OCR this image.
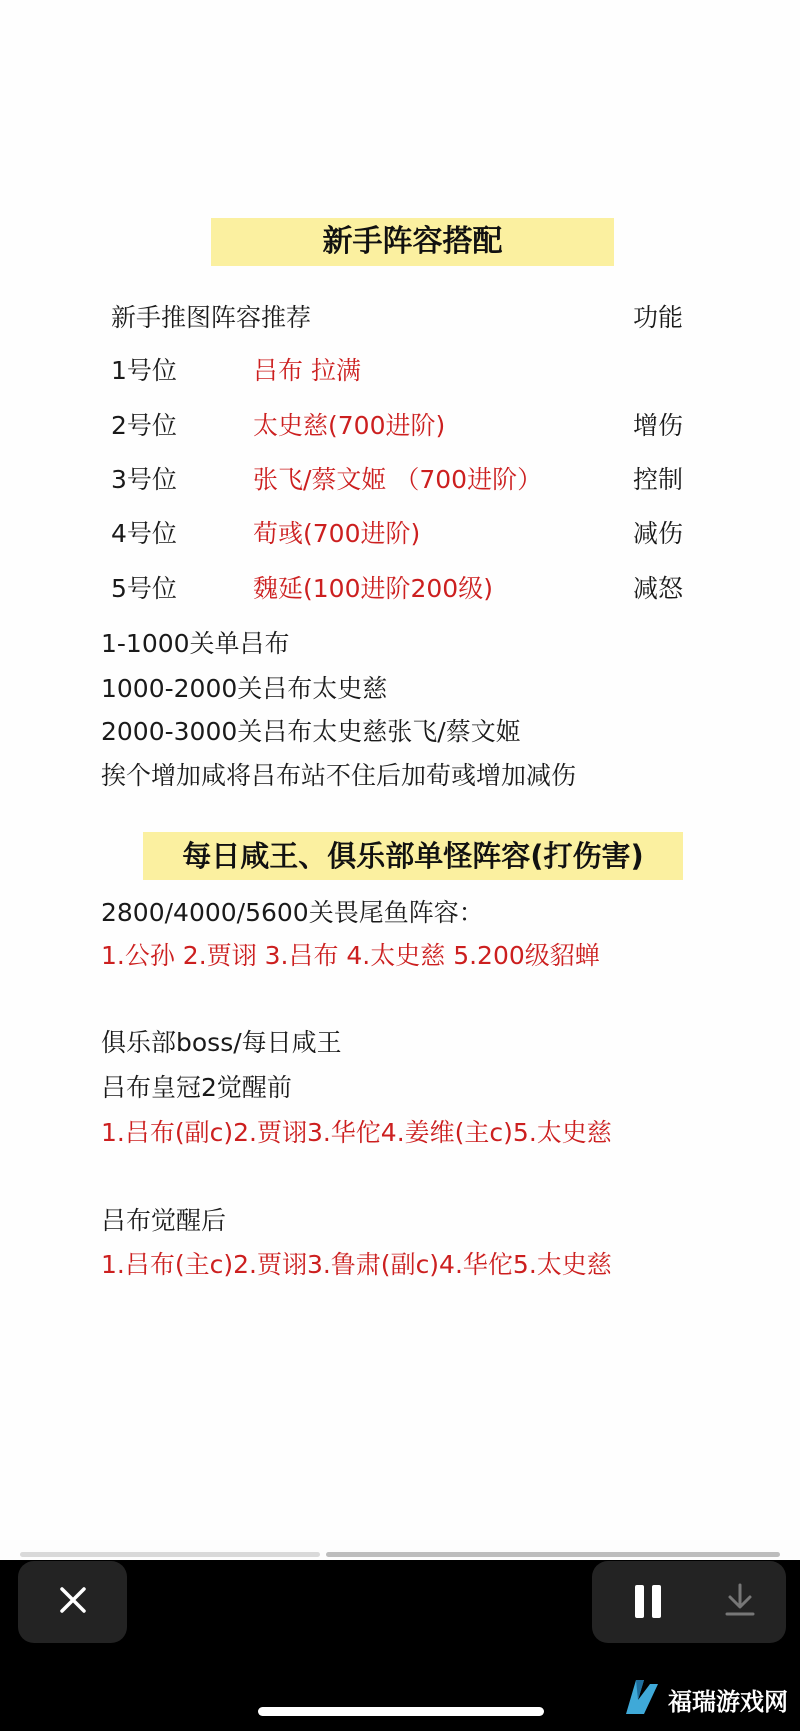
新手阵容搭配
新手推图阵容推荐	功能
1号位	吕布 拉满
2号位	太史慈(700进阶)	增伤
3号位	张飞/蔡文姬 （700进阶）	控制
4号位	荀彧(700进阶)	减伤
5号位	魏延(100进阶200级)	减怒
1-1000关单吕布
1000-2000关吕布太史慈
2000-3000关吕布太史慈张飞/蔡文姬
挨个增加咸将吕布站不住后加荀彧增加减伤
每日咸王、俱乐部单怪阵容(打伤害)
2800/4000/5600关畏尾鱼阵容：
1.公孙 2.贾诩 3.吕布 4.太史慈 5.200级貂蝉
俱乐部boss/每日咸王
吕布皇冠2觉醒前
1.吕布(副c)2.贾诩3.华佗4.姜维(主c)5.太史慈
吕布觉醒后
1.吕布(主c)2.贾诩3.鲁肃(副c)4.华佗5.太史慈
福瑞游戏网
